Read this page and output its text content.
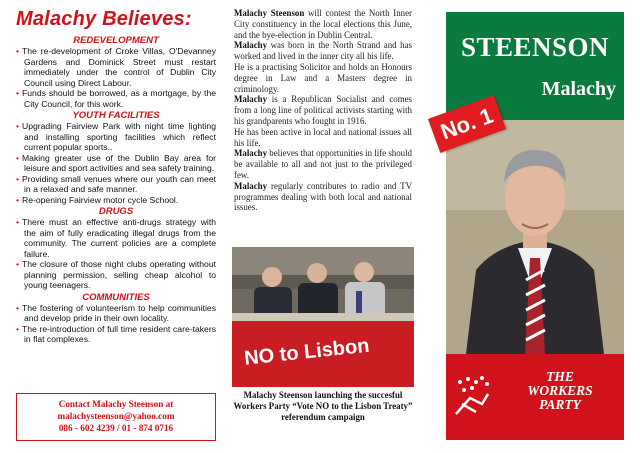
Malachy Believes:
REDEVELOPMENT
• The re-development of Croke Villas, O'Devanney Gardens and Dominick Street must restart immediately under the control of Dublin City Council using Direct Labour.
• Funds should be borrowed, as a mortgage, by the City Council, for this work.
YOUTH FACILITIES
• Upgrading Fairview Park with night time lighting and installing sporting facilities which reflect current popular sports..
• Making greater use of the Dublin Bay area for leisure and sport activities and sea safety training.
• Providing small venues where our youth can meet in a relaxed and safe manner.
• Re-opening Fairview motor cycle School.
DRUGS
• There must an effective anti-drugs strategy with the aim of fully eradicating illegal drugs from the community. The current policies are a complete failure.
• The closure of those night clubs operating without planning permission, selling cheap alcohol to young teenagers.
COMMUNITIES
• The fostering of volunteerism to help communities and develop pride in their own locality.
• The re-introduction of full time resident care-takers in flat complexes.
Contact Malachy Steenson at
malachysteenson@yahoo.com
086 - 602 4239 / 01 - 874 0716

Malachy Steenson will contest the North Inner City constituency in the local elections this June, and the bye-election in Dublin Central.

Malachy was born in the North Strand and has worked and lived in the inner city all his life.

He is a practising Solicitor and holds an Honours degree in Law and a Masters degree in criminology.

Malachy is a Republican Socialist and comes from a long line of political activists starting with his grandparents who fought in 1916.

He has been active in local and national issues all his life.

Malachy believes that opportunities in life should be available to all and not just to the privileged few.

Malachy regularly contributes to radio and TV programmes dealing with both local and national issues.

NO to Lisbon
Malachy Steenson launching the succesful Workers Party “Vote NO to the Lisbon Treaty” referendum campaign
STEENSON
Malachy
No. 1
THE
WORKERS
PARTY
